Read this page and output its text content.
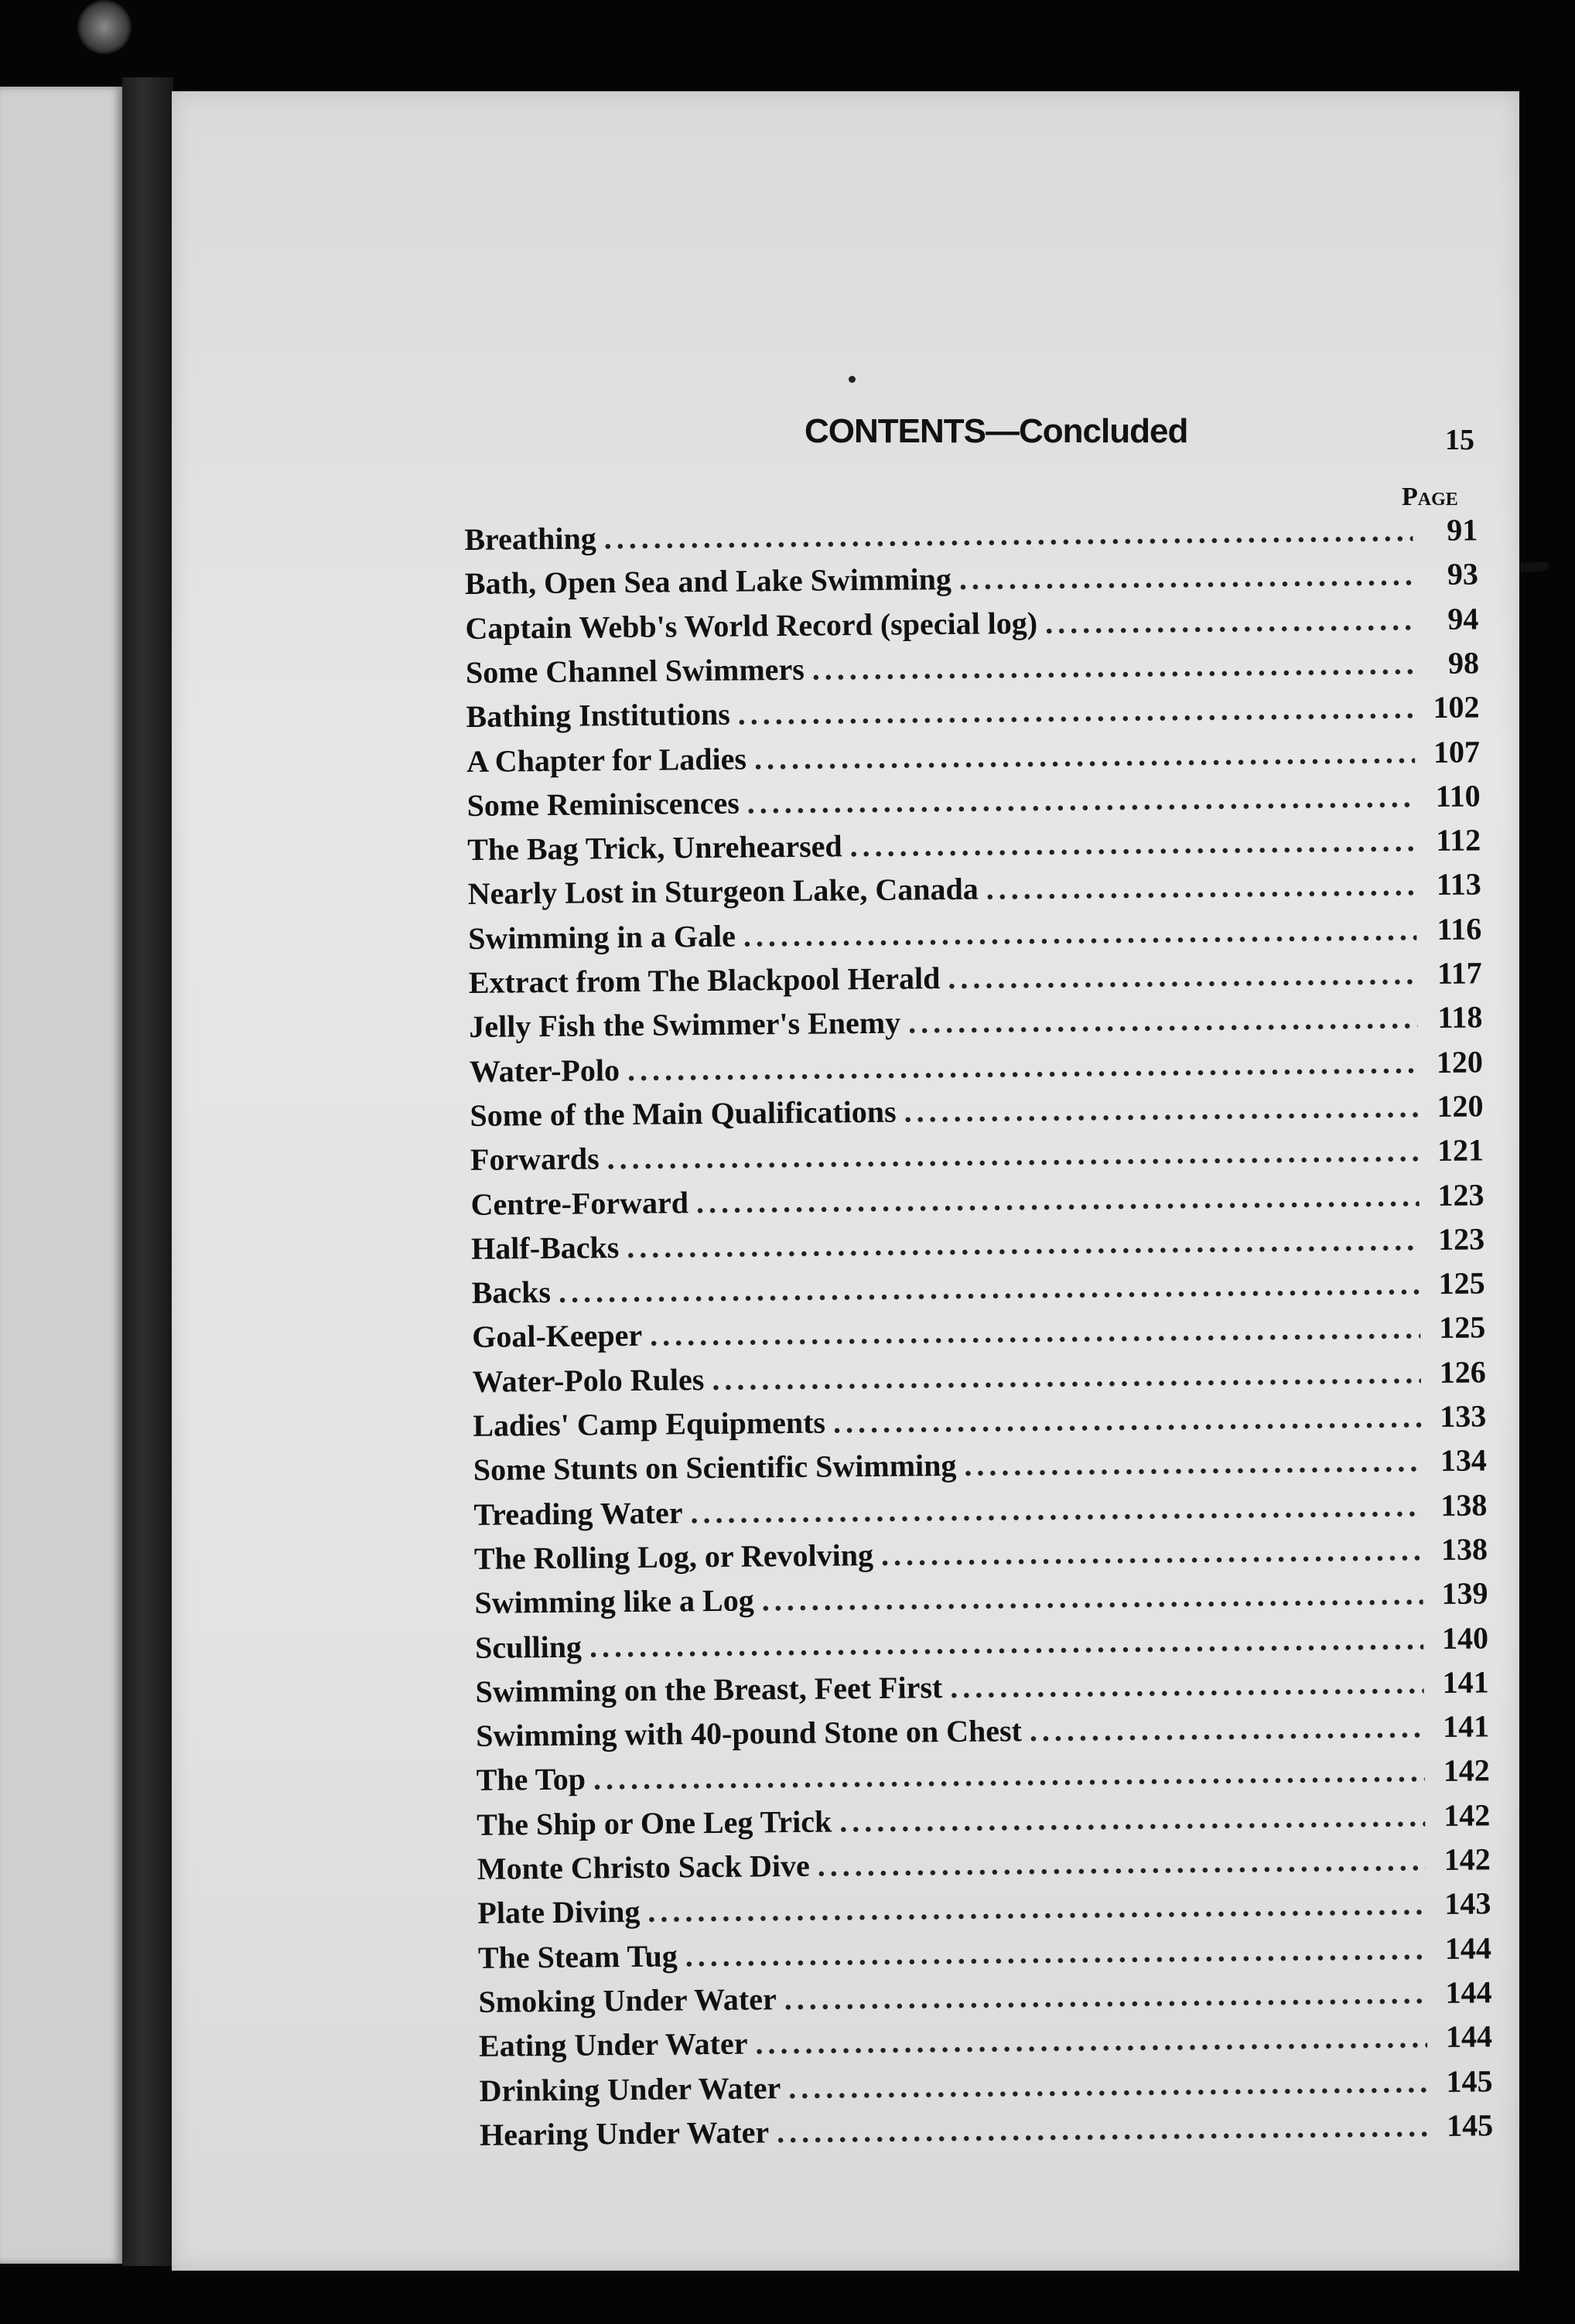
CONTENTS—Concluded	15
Page
Breathing . . .	91
Bath, Open Sea and Lake Swimming . . .	93
Captain Webb's World Record (special log) . . .	94
Some Channel Swimmers . . .	98
Bathing Institutions . . .	102
A Chapter for Ladies . . .	107
Some Reminiscences . . .	110
The Bag Trick, Unrehearsed . . .	112
Nearly Lost in Sturgeon Lake, Canada . . .	113
Swimming in a Gale . . .	116
Extract from The Blackpool Herald . . .	117
Jelly Fish the Swimmer's Enemy . . .	118
Water-Polo . . .	120
Some of the Main Qualifications . . .	120
Forwards . . .	121
Centre-Forward . . .	123
Half-Backs . . .	123
Backs . . .	125
Goal-Keeper . . .	125
Water-Polo Rules . . .	126
Ladies' Camp Equipments . . .	133
Some Stunts on Scientific Swimming . . .	134
Treading Water . . .	138
The Rolling Log, or Revolving . . .	138
Swimming like a Log . . .	139
Sculling . . .	140
Swimming on the Breast, Feet First . . .	141
Swimming with 40-pound Stone on Chest . . .	141
The Top . . .	142
The Ship or One Leg Trick . . .	142
Monte Christo Sack Dive . . .	142
Plate Diving . . .	143
The Steam Tug . . .	144
Smoking Under Water . . .	144
Eating Under Water . . .	144
Drinking Under Water . . .	145
Hearing Under Water . . .	145
